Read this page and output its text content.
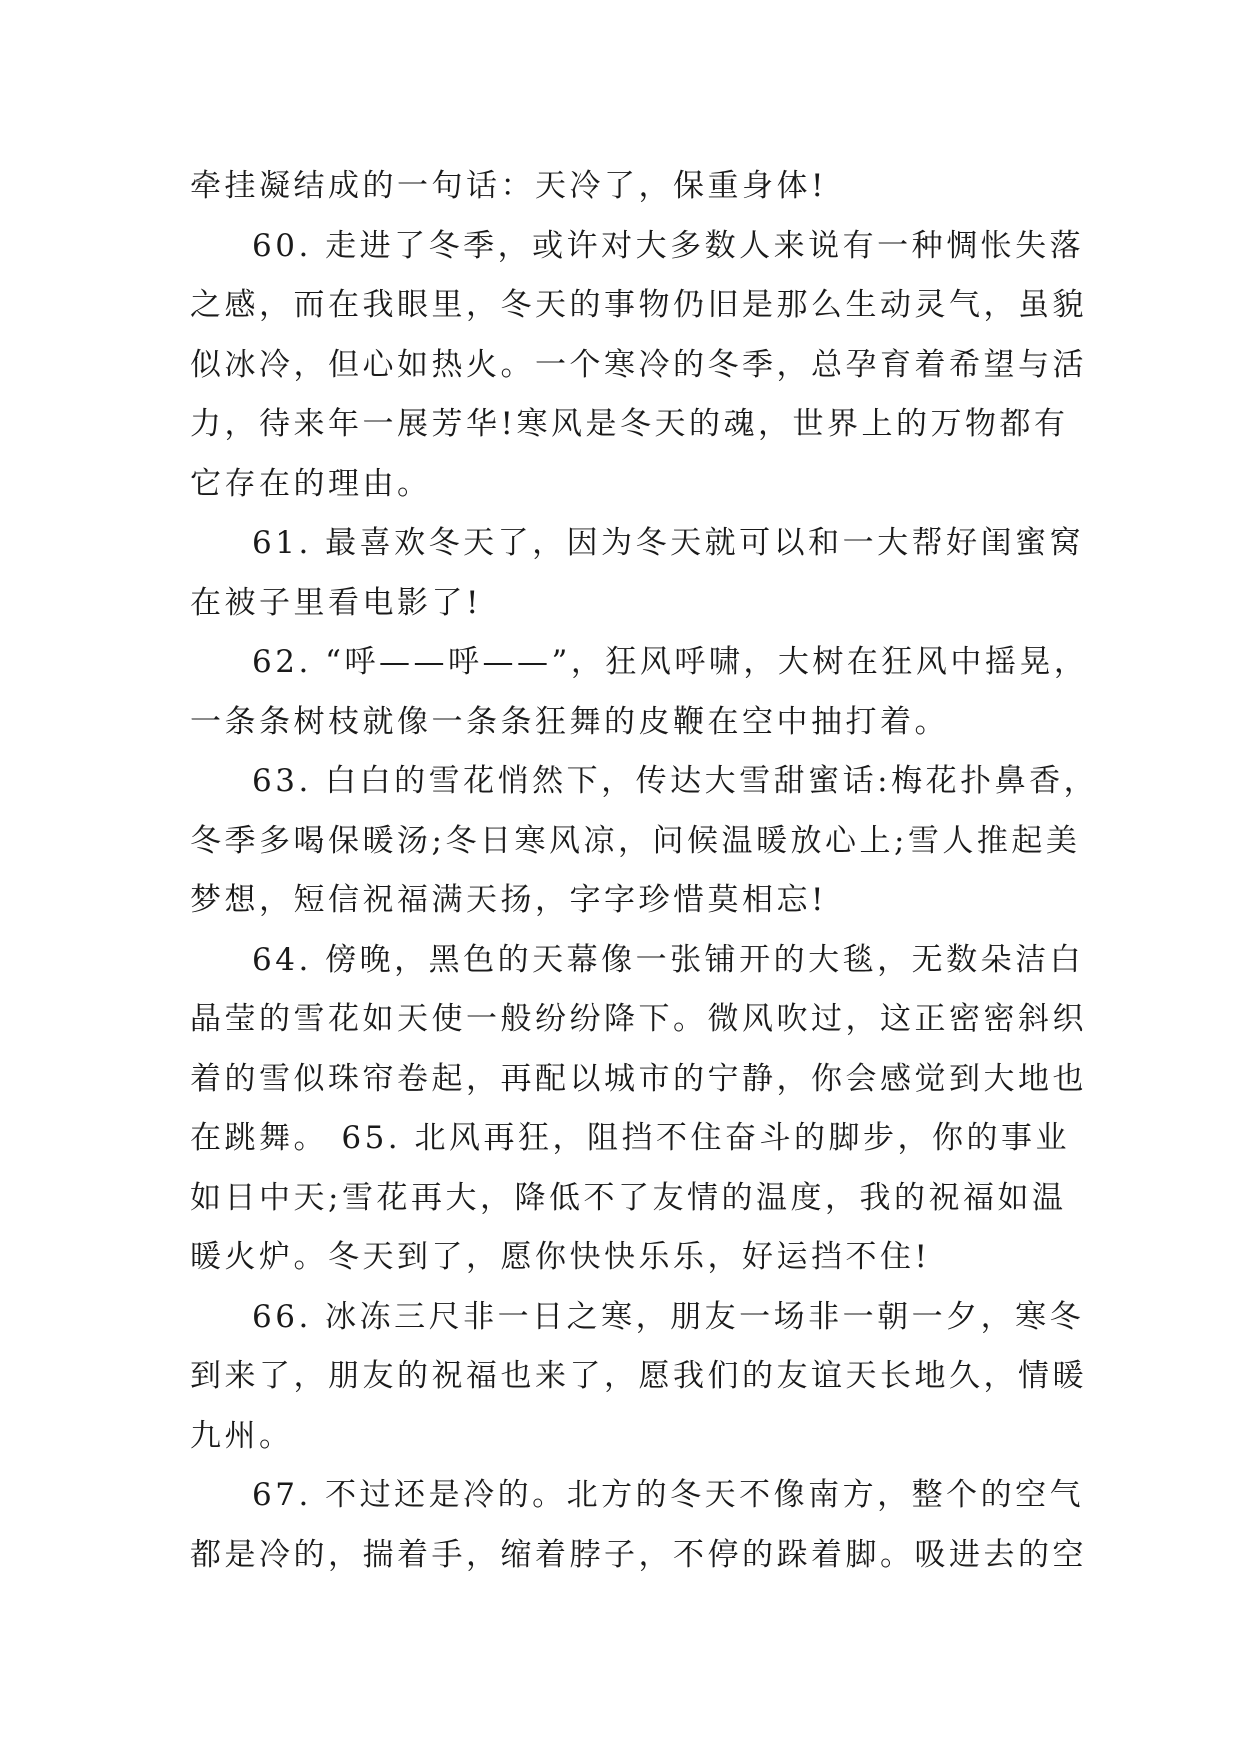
牵挂凝结成的一句话：天冷了，保重身体!
60. 走进了冬季，或许对大多数人来说有一种惆怅失落
之感，而在我眼里，冬天的事物仍旧是那么生动灵气，虽貌
似冰冷，但心如热火。一个寒冷的冬季，总孕育着希望与活
力，待来年一展芳华!寒风是冬天的魂，世界上的万物都有
它存在的理由。
61. 最喜欢冬天了，因为冬天就可以和一大帮好闺蜜窝
在被子里看电影了!
62. “呼——呼——”，狂风呼啸，大树在狂风中摇晃，
一条条树枝就像一条条狂舞的皮鞭在空中抽打着。
63. 白白的雪花悄然下，传达大雪甜蜜话:梅花扑鼻香，
冬季多喝保暖汤;冬日寒风凉，问候温暖放心上;雪人推起美
梦想，短信祝福满天扬，字字珍惜莫相忘!
64. 傍晚，黑色的天幕像一张铺开的大毯，无数朵洁白
晶莹的雪花如天使一般纷纷降下。微风吹过，这正密密斜织
着的雪似珠帘卷起，再配以城市的宁静，你会感觉到大地也
在跳舞。 65. 北风再狂，阻挡不住奋斗的脚步，你的事业
如日中天;雪花再大，降低不了友情的温度，我的祝福如温
暖火炉。冬天到了，愿你快快乐乐，好运挡不住!
66. 冰冻三尺非一日之寒，朋友一场非一朝一夕，寒冬
到来了，朋友的祝福也来了，愿我们的友谊天长地久，情暖
九州。
67. 不过还是冷的。北方的冬天不像南方，整个的空气
都是冷的，揣着手，缩着脖子，不停的跺着脚。吸进去的空
